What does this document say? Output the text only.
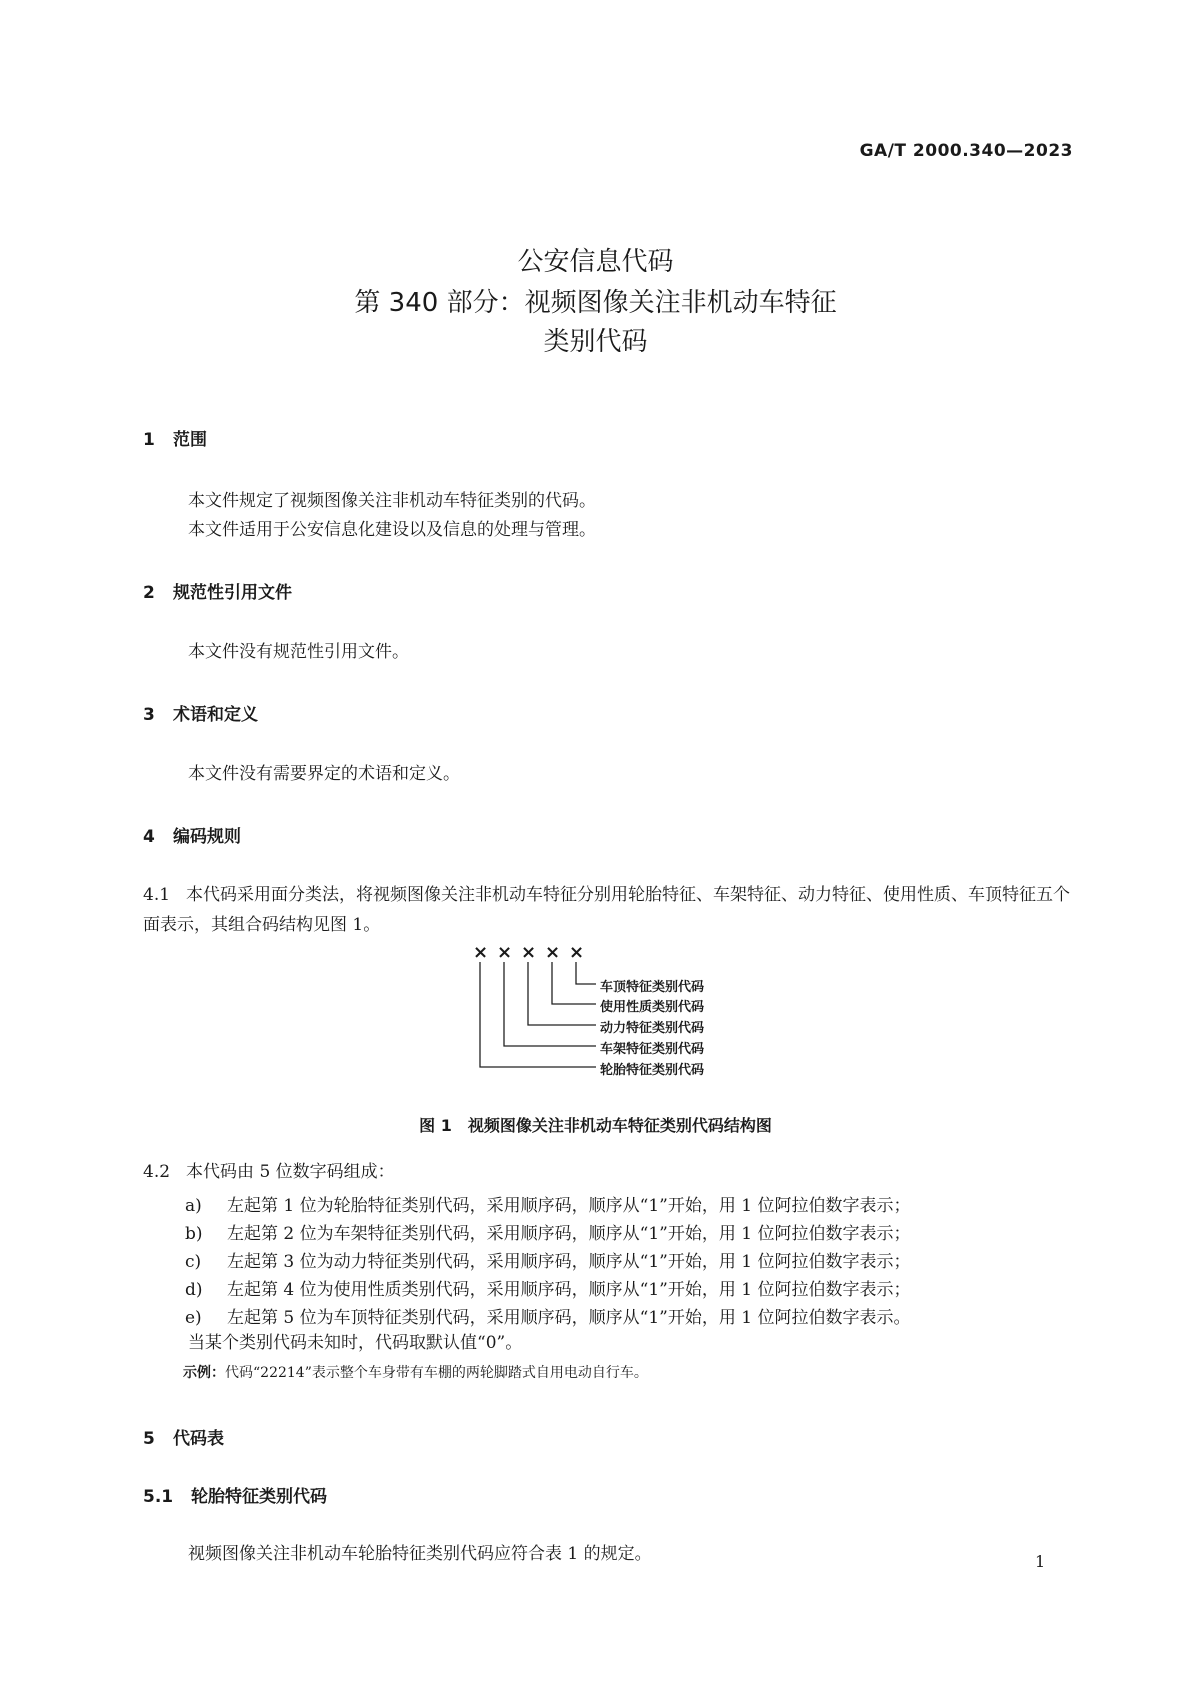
GA/T 2000.340—2023
公安信息代码
第 340 部分：视频图像关注非机动车特征
类别代码
1 范围
本文件规定了视频图像关注非机动车特征类别的代码。
本文件适用于公安信息化建设以及信息的处理与管理。
2 规范性引用文件
本文件没有规范性引用文件。
3 术语和定义
本文件没有需要界定的术语和定义。
4 编码规则
4.1 本代码采用面分类法，将视频图像关注非机动车特征分别用轮胎特征、车架特征、动力特征、使用性质、车顶特征五个面表示，其组合码结构见图 1。
× × × × ×
车顶特征类别代码
使用性质类别代码
动力特征类别代码
车架特征类别代码
轮胎特征类别代码
图 1　视频图像关注非机动车特征类别代码结构图
4.2 本代码由 5 位数字码组成：
a) 左起第 1 位为轮胎特征类别代码，采用顺序码，顺序从“1”开始，用 1 位阿拉伯数字表示；
b) 左起第 2 位为车架特征类别代码，采用顺序码，顺序从“1”开始，用 1 位阿拉伯数字表示；
c) 左起第 3 位为动力特征类别代码，采用顺序码，顺序从“1”开始，用 1 位阿拉伯数字表示；
d) 左起第 4 位为使用性质类别代码，采用顺序码，顺序从“1”开始，用 1 位阿拉伯数字表示；
e) 左起第 5 位为车顶特征类别代码，采用顺序码，顺序从“1”开始，用 1 位阿拉伯数字表示。
当某个类别代码未知时，代码取默认值“0”。
示例：代码“22214”表示整个车身带有车棚的两轮脚踏式自用电动自行车。
5 代码表
5.1 轮胎特征类别代码
视频图像关注非机动车轮胎特征类别代码应符合表 1 的规定。	1
